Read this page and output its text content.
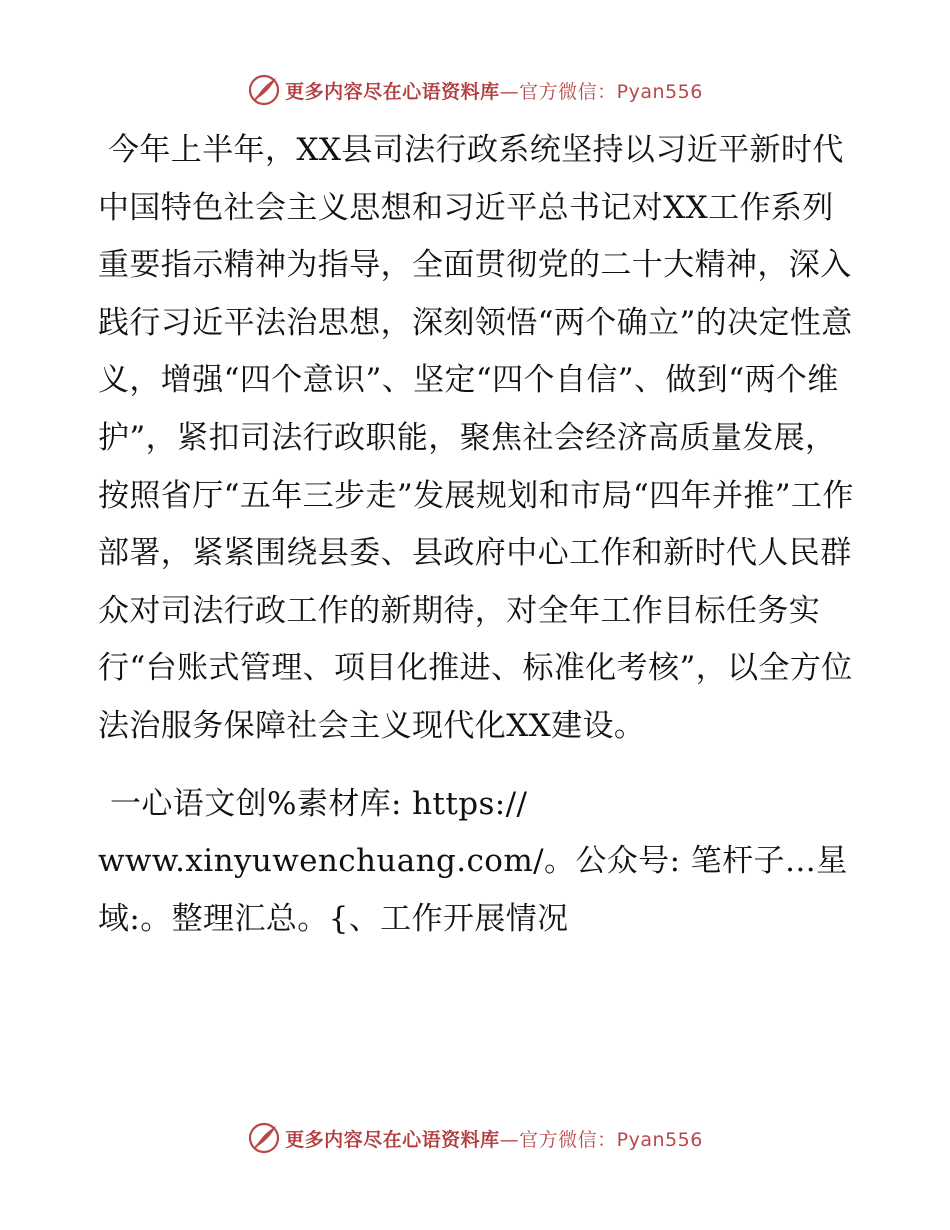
更多内容尽在心语资料库—官方微信：Pyan556

今年上半年，XX县司法行政系统坚持以习近平新时代中国特色社会主义思想和习近平总书记对XX工作系列重要指示精神为指导，全面贯彻党的二十大精神，深入践行习近平法治思想，深刻领悟“两个确立”的决定性意义，增强“四个意识”、坚定“四个自信”、做到“两个维护”，紧扣司法行政职能，聚焦社会经济高质量发展，按照省厅“五年三步走”发展规划和市局“四年并推”工作部署，紧紧围绕县委、县政府中心工作和新时代人民群众对司法行政工作的新期待，对全年工作目标任务实行“台账式管理、项目化推进、标准化考核”，以全方位法治服务保障社会主义现代化XX建设。

一心语文创%素材库: https://
www.xinyuwenchuang.com/。公众号: 笔杆子…星
域:。整理汇总。{、工作开展情况

更多内容尽在心语资料库—官方微信：Pyan556
